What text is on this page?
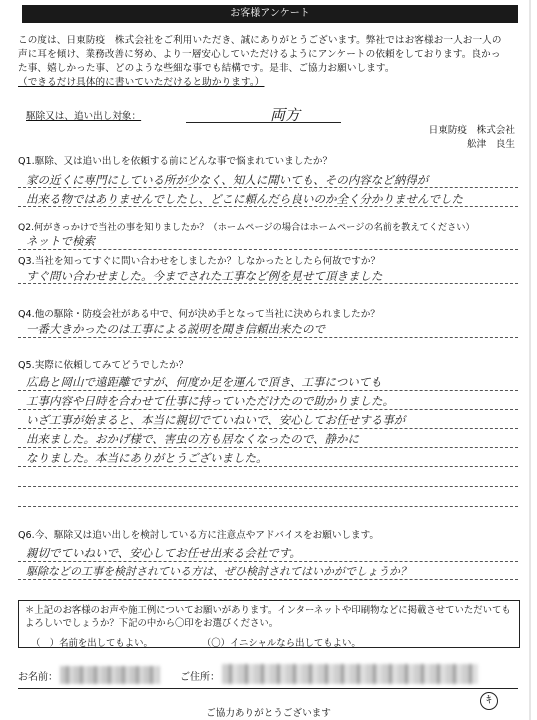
お客様アンケート

この度は、日東防疫　株式会社をご利用いただき、誠にありがとうございます。弊社ではお客様お一人お一人の

声に耳を傾け、業務改善に努め、より一層安心していただけるようにアンケートの依頼をしております。良かっ

た事、嬉しかった事、どのような些細な事でも結構です。是非、ご協力お願いします。

（できるだけ具体的に書いていただけると助かります。）

駆除又は、追い出し対象：	両方
日東防疫　株式会社
舩津　良生
Q1.駆除、又は追い出しを依頼する前にどんな事で悩まれていましたか？
家の近くに専門にしている所が少なく、知人に聞いても、その内容など納得が
出来る物ではありませんでしたし、どこに頼んだら良いのか全く分かりませんでした
Q2.何がきっかけで当社の事を知りましたか？（ホームページの場合はホームページの名前を教えてください）
ネットで検索
Q3.当社を知ってすぐに問い合わせをしましたか？しなかったとしたら何故ですか？
すぐ問い合わせました。今までされた工事など例を見せて頂きました
Q4.他の駆除・防疫会社がある中で、何が決め手となって当社に決められましたか？
一番大きかったのは工事による説明を聞き信頼出来たので
Q5.実際に依頼してみてどうでしたか？
広島と岡山で遠距離ですが、何度か足を運んで頂き、工事についても
工事内容や日時を合わせて仕事に持っていただけたので助かりました。
いざ工事が始まると、本当に親切でていねいで、安心してお任せする事が
出来ました。おかげ様で、害虫の方も居なくなったので、静かに
なりました。本当にありがとうございました。
Q6.今、駆除又は追い出しを検討している方に注意点やアドバイスをお願いします。
親切でていねいで、安心してお任せ出来る会社です。
駆除などの工事を検討されている方は、ぜひ検討されてはいかがでしょうか？
＊上記のお客様のお声や施工例についてお願いがあります。インターネットや印刷物などに掲載させていただいてもよろしいでしょうか？下記の中から〇印をお選びください。
（　）名前を出してもよい。	（〇）イニシャルなら出してもよい。
お名前：	ご住所：
ｷ
ご協力ありがとうございます
